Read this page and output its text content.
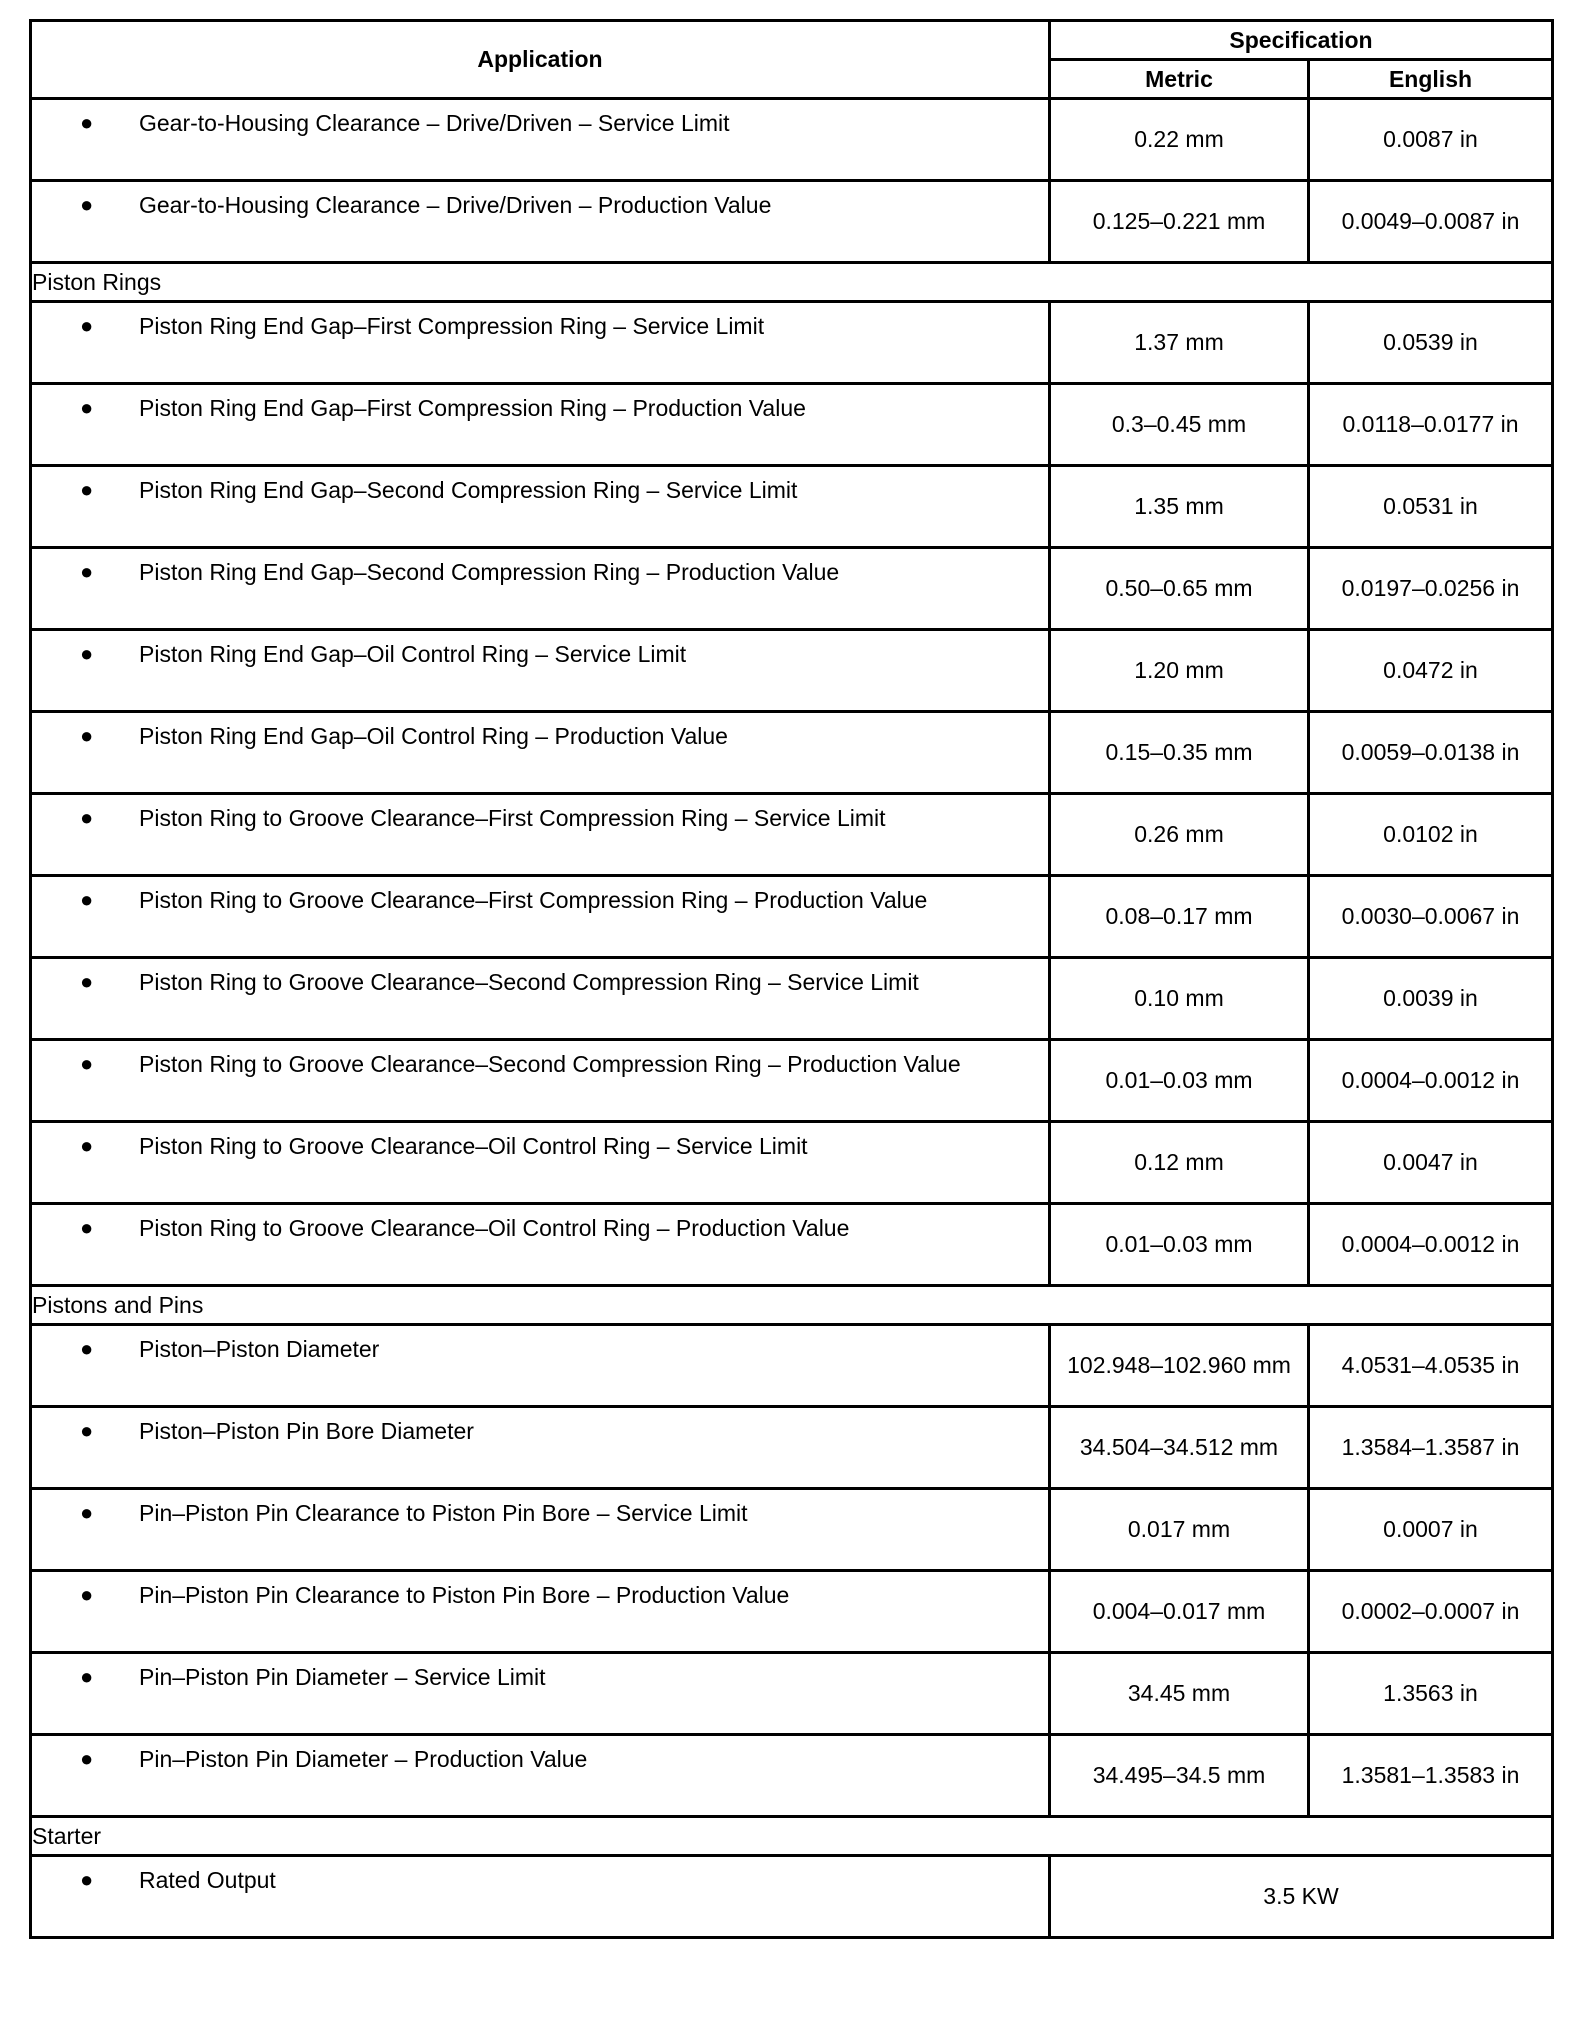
Application	Specification	
	Metric	English

● Gear-to-Housing Clearance – Drive/Driven – Service Limit	0.22 mm	0.0087 in

● Gear-to-Housing Clearance – Drive/Driven – Production Value	0.125–0.221 mm	0.0049–0.0087 in
Piston Rings		

● Piston Ring End Gap–First Compression Ring – Service Limit	1.37 mm	0.0539 in

● Piston Ring End Gap–First Compression Ring – Production Value	0.3–0.45 mm	0.0118–0.0177 in

● Piston Ring End Gap–Second Compression Ring – Service Limit	1.35 mm	0.0531 in

● Piston Ring End Gap–Second Compression Ring – Production Value	0.50–0.65 mm	0.0197–0.0256 in

● Piston Ring End Gap–Oil Control Ring – Service Limit	1.20 mm	0.0472 in

● Piston Ring End Gap–Oil Control Ring – Production Value	0.15–0.35 mm	0.0059–0.0138 in

● Piston Ring to Groove Clearance–First Compression Ring – Service Limit	0.26 mm	0.0102 in

● Piston Ring to Groove Clearance–First Compression Ring – Production Value	0.08–0.17 mm	0.0030–0.0067 in

● Piston Ring to Groove Clearance–Second Compression Ring – Service Limit	0.10 mm	0.0039 in

● Piston Ring to Groove Clearance–Second Compression Ring – Production Value	0.01–0.03 mm	0.0004–0.0012 in

● Piston Ring to Groove Clearance–Oil Control Ring – Service Limit	0.12 mm	0.0047 in

● Piston Ring to Groove Clearance–Oil Control Ring – Production Value	0.01–0.03 mm	0.0004–0.0012 in
Pistons and Pins		

● Piston–Piston Diameter	102.948–102.960 mm	4.0531–4.0535 in

● Piston–Piston Pin Bore Diameter	34.504–34.512 mm	1.3584–1.3587 in

● Pin–Piston Pin Clearance to Piston Pin Bore – Service Limit	0.017 mm	0.0007 in

● Pin–Piston Pin Clearance to Piston Pin Bore – Production Value	0.004–0.017 mm	0.0002–0.0007 in

● Pin–Piston Pin Diameter – Service Limit	34.45 mm	1.3563 in

● Pin–Piston Pin Diameter – Production Value	34.495–34.5 mm	1.3581–1.3583 in
Starter		

● Rated Output	3.5 KW	
